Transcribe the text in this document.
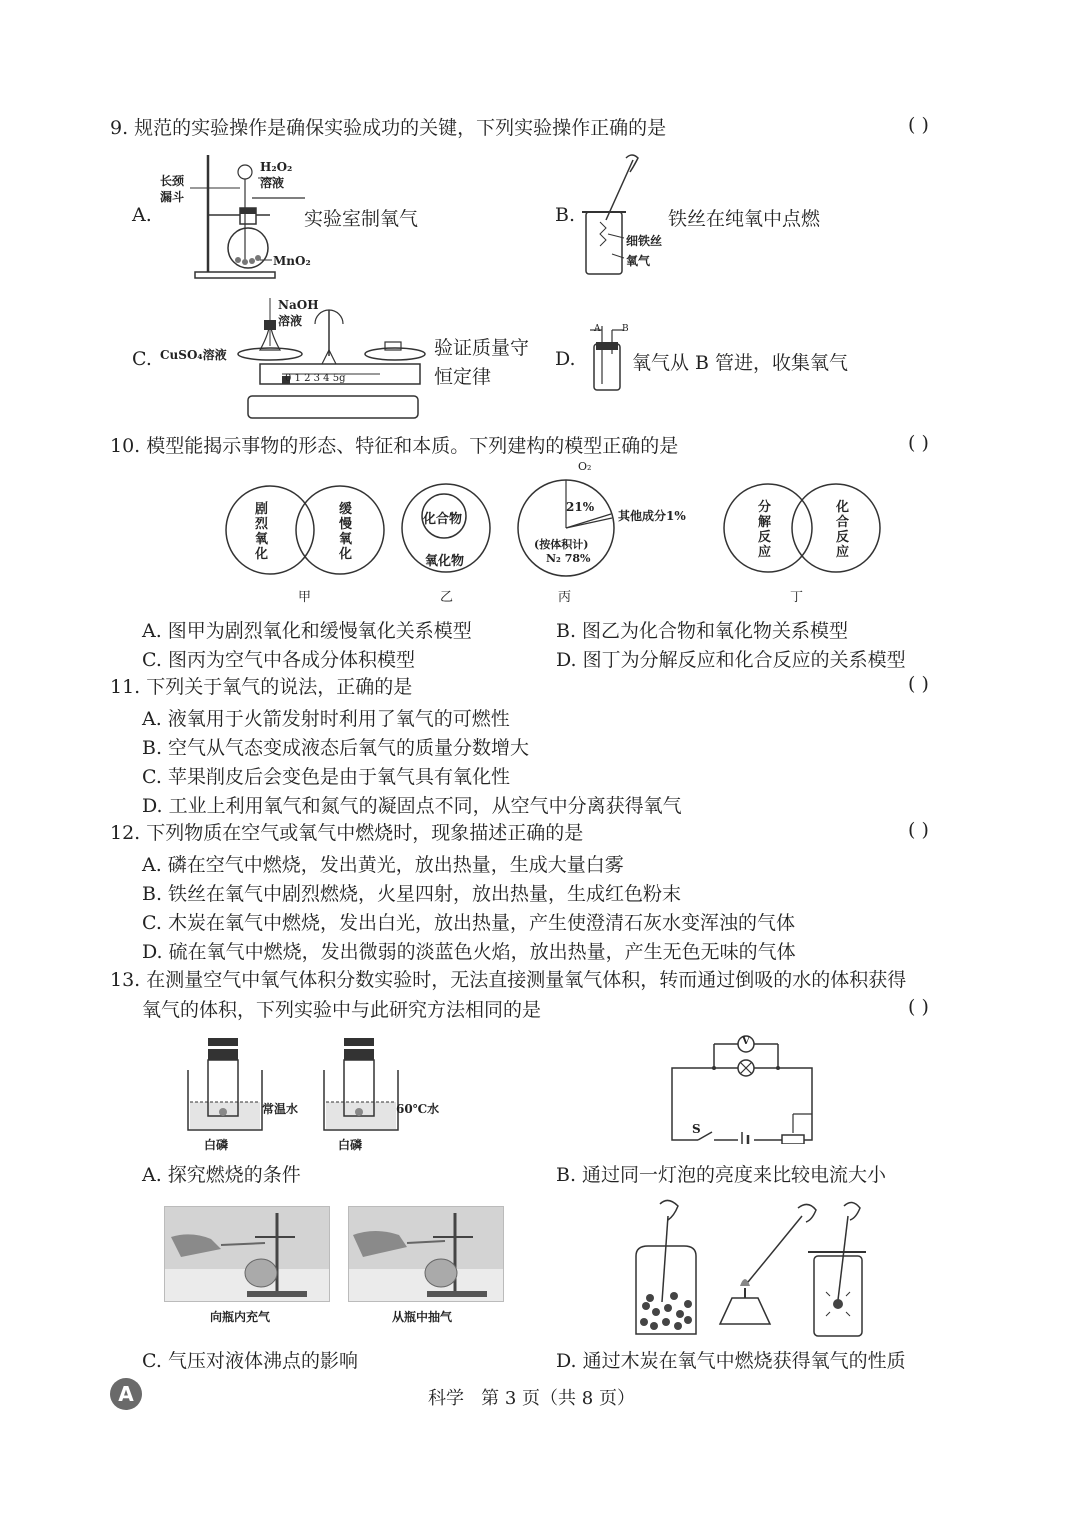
9. 规范的实验操作是确保实验成功的关键，下列实验操作正确的是	( )
A.
长颈
漏斗
H₂O₂
溶液
MnO₂
实验室制氧气	B.
细铁丝
氧气
铁丝在纯氧中点燃
C.
NaOH
溶液
CuSO₄溶液
0 1 2 3 4 5g
验证质量守
恒定律
D.
A B
氧气从 B 管进，收集氧气
10. 模型能揭示事物的形态、特征和本质。下列建构的模型正确的是	( )
剧烈氧化
缓慢氧化
甲
化合物
氧化物
乙
O₂
21%
其他成分1%
(按体积计)
N₂ 78%
丙
分解反应
化合反应
丁
A. 图甲为剧烈氧化和缓慢氧化关系模型	B. 图乙为化合物和氧化物关系模型
C. 图丙为空气中各成分体积模型	D. 图丁为分解反应和化合反应的关系模型
11. 下列关于氧气的说法，正确的是	( )
A. 液氧用于火箭发射时利用了氧气的可燃性
B. 空气从气态变成液态后氧气的质量分数增大
C. 苹果削皮后会变色是由于氧气具有氧化性
D. 工业上利用氧气和氮气的凝固点不同，从空气中分离获得氧气
12. 下列物质在空气或氧气中燃烧时，现象描述正确的是	( )
A. 磷在空气中燃烧，发出黄光，放出热量，生成大量白雾
B. 铁丝在氧气中剧烈燃烧，火星四射，放出热量，生成红色粉末
C. 木炭在氧气中燃烧，发出白光，放出热量，产生使澄清石灰水变浑浊的气体
D. 硫在氧气中燃烧，发出微弱的淡蓝色火焰，放出热量，产生无色无味的气体
13. 在测量空气中氧气体积分数实验时，无法直接测量氧气体积，转而通过倒吸的水的体积获得
氧气的体积，下列实验中与此研究方法相同的是	( )
常温水
白磷
60℃水
白磷
A. 探究燃烧的条件
V
S
B. 通过同一灯泡的亮度来比较电流大小
向瓶内充气	从瓶中抽气
C. 气压对液体沸点的影响	D. 通过木炭在氧气中燃烧获得氧气的性质
A	科学   第 3 页（共 8 页）
